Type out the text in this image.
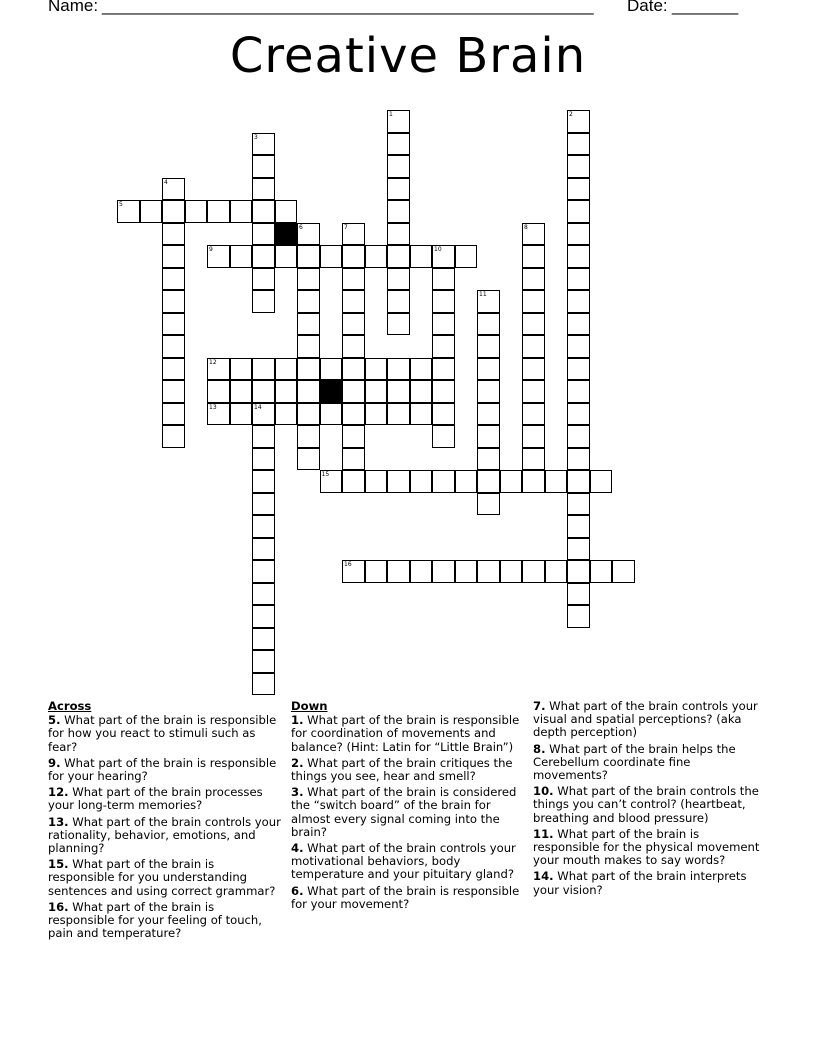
Name:

____________________________________________________

Date:

_______

Creative Brain
1	2
3
4
5
6	7	8
9	10
11
12
13	14
15
16
Across
5. What part of the brain is responsible for how you react to stimuli such as fear?
9. What part of the brain is responsible for your hearing?
12. What part of the brain processes your long-term memories?
13. What part of the brain controls your rationality, behavior, emotions, and planning?
15. What part of the brain is responsible for you understanding sentences and using correct grammar?
16. What part of the brain is responsible for your feeling of touch, pain and temperature?
Down
1. What part of the brain is responsible for coordination of movements and balance? (Hint: Latin for “Little Brain”)
2. What part of the brain critiques the things you see, hear and smell?
3. What part of the brain is considered the “switch board” of the brain for almost every signal coming into the brain?
4. What part of the brain controls your motivational behaviors, body temperature and your pituitary gland?
6. What part of the brain is responsible for your movement?
7. What part of the brain controls your visual and spatial perceptions? (aka depth perception)
8. What part of the brain helps the Cerebellum coordinate fine movements?
10. What part of the brain controls the things you can’t control? (heartbeat, breathing and blood pressure)
11. What part of the brain is responsible for the physical movement your mouth makes to say words?
14. What part of the brain interprets your vision?
